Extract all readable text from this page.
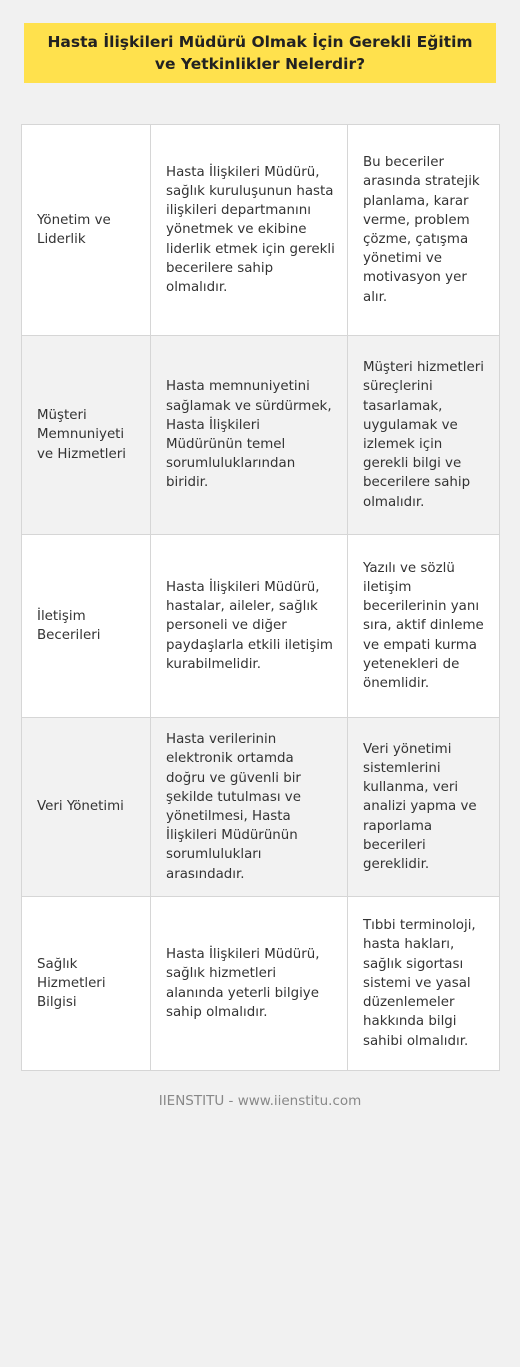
Hasta İlişkileri Müdürü Olmak İçin Gerekli Eğitim ve Yetkinlikler Nelerdir?
Yönetim ve Liderlik	Hasta İlişkileri Müdürü, sağlık kuruluşunun hasta ilişkileri departmanını yönetmek ve ekibine liderlik etmek için gerekli becerilere sahip olmalıdır.	Bu beceriler arasında stratejik planlama, karar verme, problem çözme, çatışma yönetimi ve motivasyon yer alır.
Müşteri Memnuniyeti ve Hizmetleri	Hasta memnuniyetini sağlamak ve sürdürmek, Hasta İlişkileri Müdürünün temel sorumluluklarından biridir.	Müşteri hizmetleri süreçlerini tasarlamak, uygulamak ve izlemek için gerekli bilgi ve becerilere sahip olmalıdır.
İletişim Becerileri	Hasta İlişkileri Müdürü, hastalar, aileler, sağlık personeli ve diğer paydaşlarla etkili iletişim kurabilmelidir.	Yazılı ve sözlü iletişim becerilerinin yanı sıra, aktif dinleme ve empati kurma yetenekleri de önemlidir.
Veri Yönetimi	Hasta verilerinin elektronik ortamda doğru ve güvenli bir şekilde tutulması ve yönetilmesi, Hasta İlişkileri Müdürünün sorumlulukları arasındadır.	Veri yönetimi sistemlerini kullanma, veri analizi yapma ve raporlama becerileri gereklidir.
Sağlık Hizmetleri Bilgisi	Hasta İlişkileri Müdürü, sağlık hizmetleri alanında yeterli bilgiye sahip olmalıdır.	Tıbbi terminoloji, hasta hakları, sağlık sigortası sistemi ve yasal düzenlemeler hakkında bilgi sahibi olmalıdır.
IIENSTITU - www.iienstitu.com
